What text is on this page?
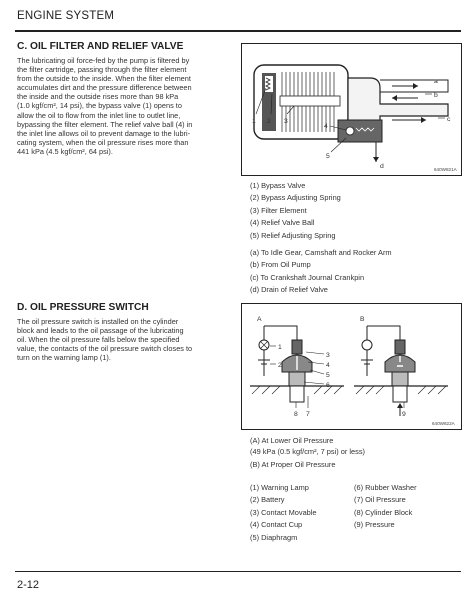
ENGINE SYSTEM
C. OIL FILTER AND RELIEF VALVE
The lubricating oil force-fed by the pump is filtered by
the filter cartridge, passing through the filter element
from the outside to the inside. When the filter element
accumulates dirt and the pressure difference between
the inside and the outside rises more than 98 kPa
(1.0 kgf/cm², 14 psi), the bypass valve (1) opens to
allow the oil to flow from the inlet line to outlet line,
bypassing the filter element. The relief valve ball (4) in
the inlet line allows oil to prevent damage to the lubri-
cating system, when the oil pressure rises more than
441 kPa (4.5 kgf/cm², 64 psi).
1 2 3
4
5
a
b
c
d	640W821A
(1) Bypass Valve
(2) Bypass Adjusting Spring
(3) Filter Element
(4) Relief Valve Ball
(5) Relief Adjusting Spring
(a) To Idle Gear, Camshaft and Rocker Arm
(b) From Oil Pump
(c) To Crankshaft Journal Crankpin
(d) Drain of Relief Valve
D. OIL PRESSURE SWITCH
The oil pressure switch is installed on the cylinder
block and leads to the oil passage of the lubricating
oil. When the oil pressure falls below the specified
value, the contacts of the oil pressure switch closes to
turn on the warning lamp (1).
A	B
1
2
3
4
5
6
7
8	9
640W822A
(A) At Lower Oil Pressure
(49 kPa (0.5 kgf/cm², 7 psi) or less)
(B) At Proper Oil Pressure
(1) Warning Lamp
(2) Battery
(3) Contact Movable
(4) Contact Cup
(5) Diaphragm
(6) Rubber Washer
(7) Oil Pressure
(8) Cylinder Block
(9) Pressure
2-12
